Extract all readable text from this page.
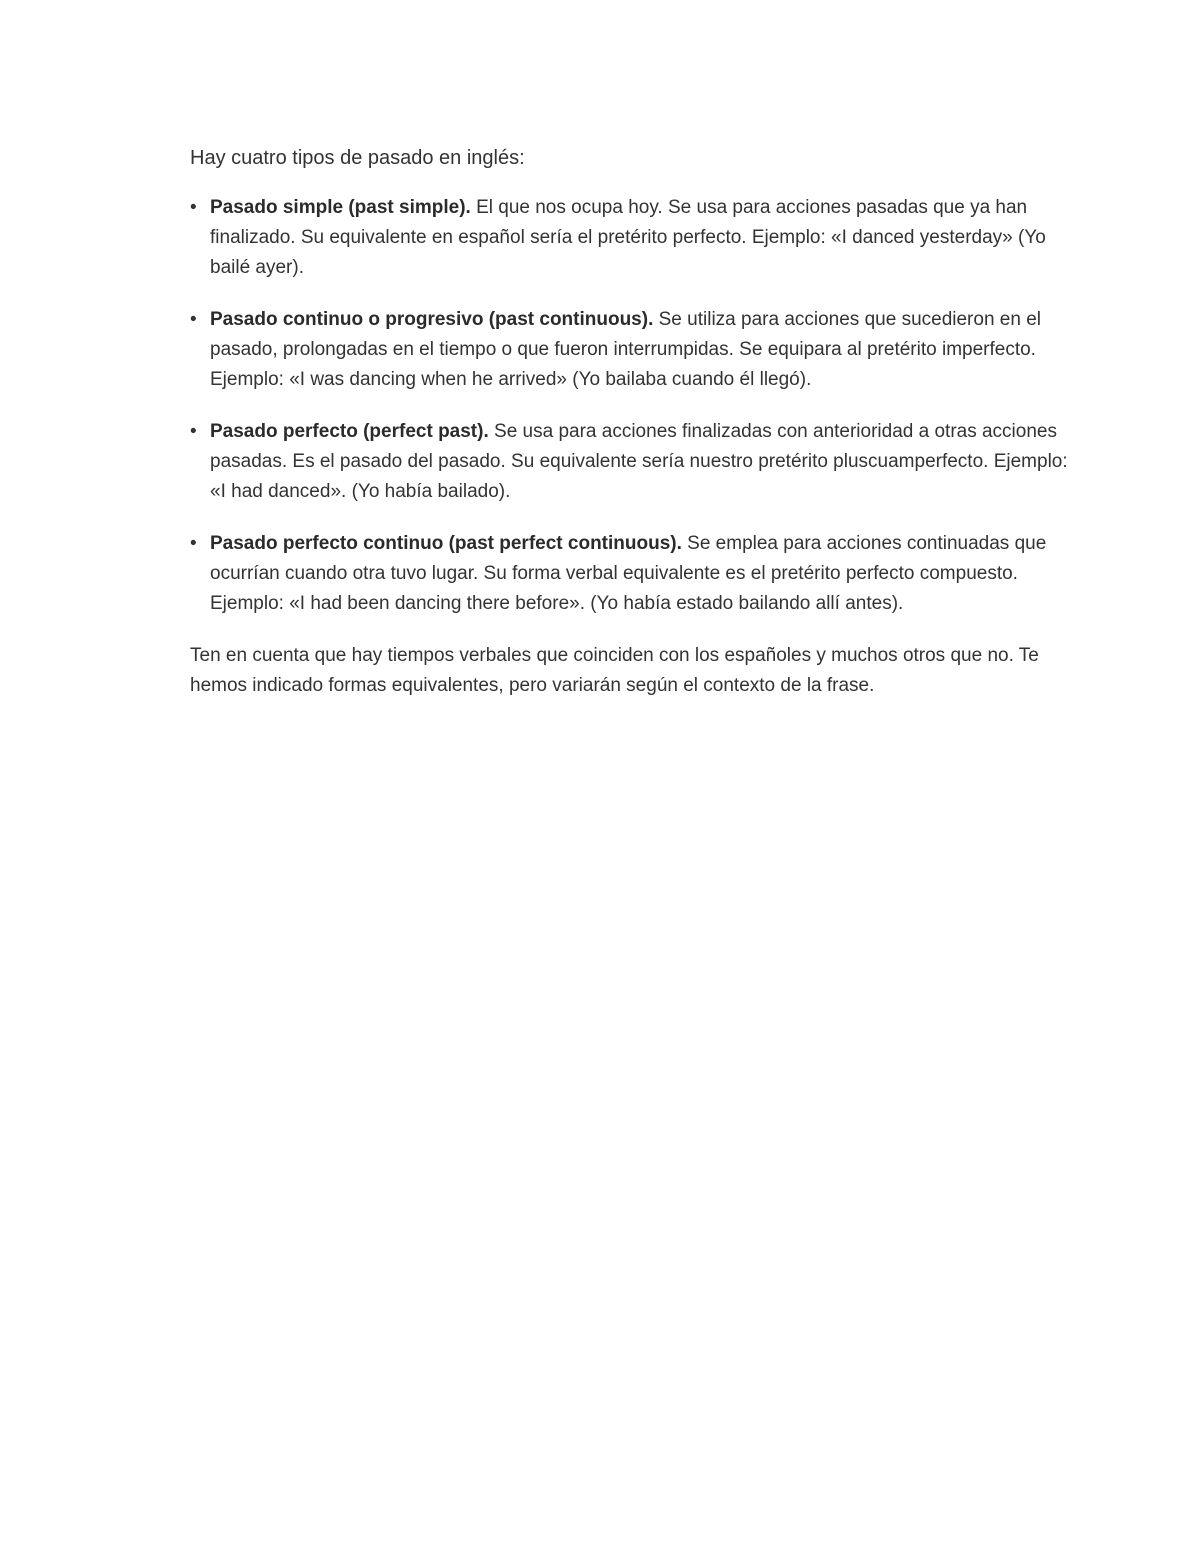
Hay cuatro tipos de pasado en inglés:

• Pasado simple (past simple). El que nos ocupa hoy. Se usa para acciones pasadas que ya han finalizado. Su equivalente en español sería el pretérito perfecto. Ejemplo: «I danced yesterday» (Yo bailé ayer).
• Pasado continuo o progresivo (past continuous). Se utiliza para acciones que sucedieron en el pasado, prolongadas en el tiempo o que fueron interrumpidas. Se equipara al pretérito imperfecto. Ejemplo: «I was dancing when he arrived» (Yo bailaba cuando él llegó).
• Pasado perfecto (perfect past). Se usa para acciones finalizadas con anterioridad a otras acciones pasadas. Es el pasado del pasado. Su equivalente sería nuestro pretérito pluscuamperfecto. Ejemplo: «I had danced». (Yo había bailado).
• Pasado perfecto continuo (past perfect continuous). Se emplea para acciones continuadas que ocurrían cuando otra tuvo lugar. Su forma verbal equivalente es el pretérito perfecto compuesto. Ejemplo: «I had been dancing there before». (Yo había estado bailando allí antes).

Ten en cuenta que hay tiempos verbales que coinciden con los españoles y muchos otros que no. Te hemos indicado formas equivalentes, pero variarán según el contexto de la frase.
